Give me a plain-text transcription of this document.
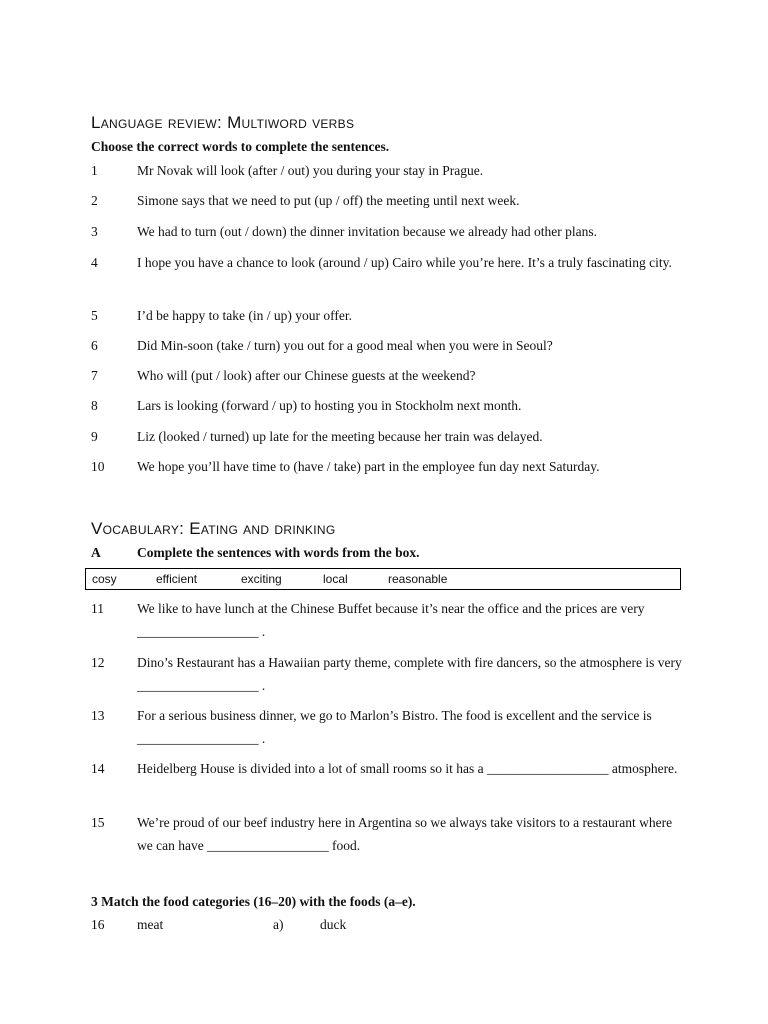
Language review: Multiword verbs
Choose the correct words to complete the sentences.
1	Mr Novak will look (after / out) you during your stay in Prague.
2	Simone says that we need to put (up / off) the meeting until next week.
3	We had to turn (out / down) the dinner invitation because we already had other plans.
4	I hope you have a chance to look (around / up) Cairo while you’re here. It’s a truly fascinating city.
5	I’d be happy to take (in / up) your offer.
6	Did Min-soon (take / turn) you out for a good meal when you were in Seoul?
7	Who will (put / look) after our Chinese guests at the weekend?
8	Lars is looking (forward / up) to hosting you in Stockholm next month.
9	Liz (looked / turned) up late for the meeting because her train was delayed.
10 We hope you’ll have time to (have / take) part in the employee fun day next Saturday.
Vocabulary: Eating and drinking
A	Complete the sentences with words from the box.
cosy	efficient	exciting	local	reasonable
11 We like to have lunch at the Chinese Buffet because it’s near the office and the prices are very __________________ .
12 Dino’s Restaurant has a Hawaiian party theme, complete with fire dancers, so the atmosphere is very __________________ .
13 For a serious business dinner, we go to Marlon’s Bistro. The food is excellent and the service is __________________ .
14 Heidelberg House is divided into a lot of small rooms so it has a __________________ atmosphere.
15 We’re proud of our beef industry here in Argentina so we always take visitors to a restaurant where we can have __________________ food.
3 Match the food categories (16–20) with the foods (a–e).
16 meat	a)	duck
